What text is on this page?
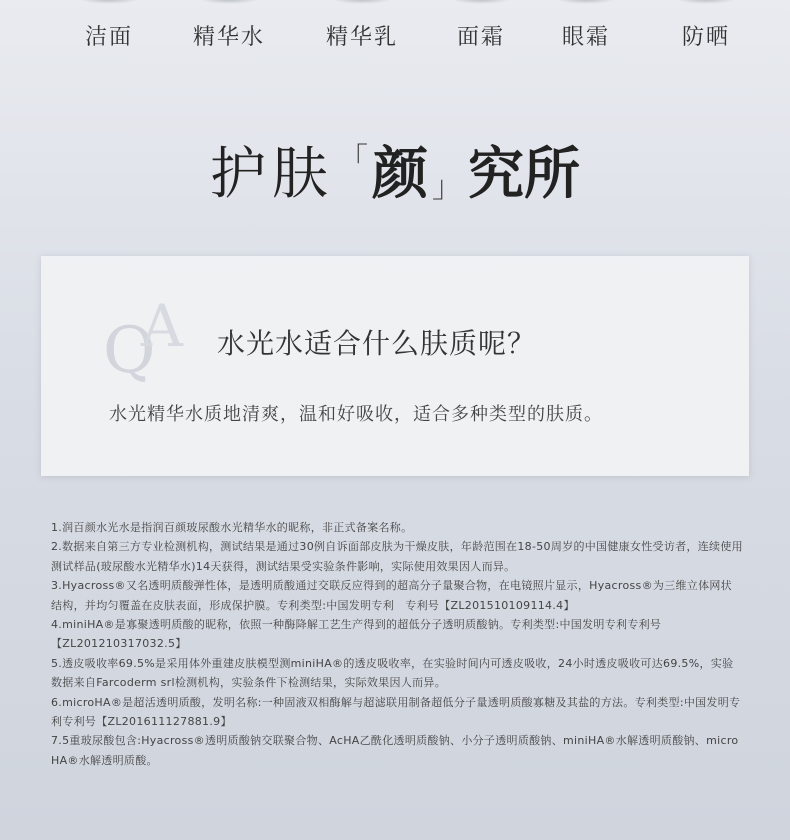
洁面	精华水	精华乳	面霜	眼霜	防晒
护肤 「颜 」 究所
Q
A 水光水适合什么肤质呢？
水光精华水质地清爽，温和好吸收，适合多种类型的肤质。

1.润百颜水光水是指润百颜玻尿酸水光精华水的昵称，非正式备案名称。

2.数据来自第三方专业检测机构，测试结果是通过30例自诉面部皮肤为干燥皮肤，年龄范围在18-50周岁的中国健康女性受访者，连续使用测试样品(玻尿酸水光精华水)14天获得，测试结果受实验条件影响，实际使用效果因人而异。

3.Hyacross®又名透明质酸弹性体，是透明质酸通过交联反应得到的超高分子量聚合物，在电镜照片显示，Hyacross®为三维立体网状结构，并均匀覆盖在皮肤表面，形成保护膜。专利类型:中国发明专利　专利号【ZL201510109114.4】

4.miniHA®是寡聚透明质酸的昵称，依照一种酶降解工艺生产得到的超低分子透明质酸钠。专利类型:中国发明专利专利号【ZL201210317032.5】

5.透皮吸收率69.5%是采用体外重建皮肤模型测miniHA®的透皮吸收率，在实验时间内可透皮吸收，24小时透皮吸收可达69.5%，实验数据来自Farcoderm srl检测机构，实验条件下检测结果，实际效果因人而异。

6.microHA®是超活透明质酸，发明名称:一种固液双相酶解与超滤联用制备超低分子量透明质酸寡糖及其盐的方法。专利类型:中国发明专利专利号【ZL201611127881.9】

7.5重玻尿酸包含:Hyacross®透明质酸钠交联聚合物、AcHA乙酰化透明质酸钠、小分子透明质酸钠、miniHA®水解透明质酸钠、micro HA®水解透明质酸。
